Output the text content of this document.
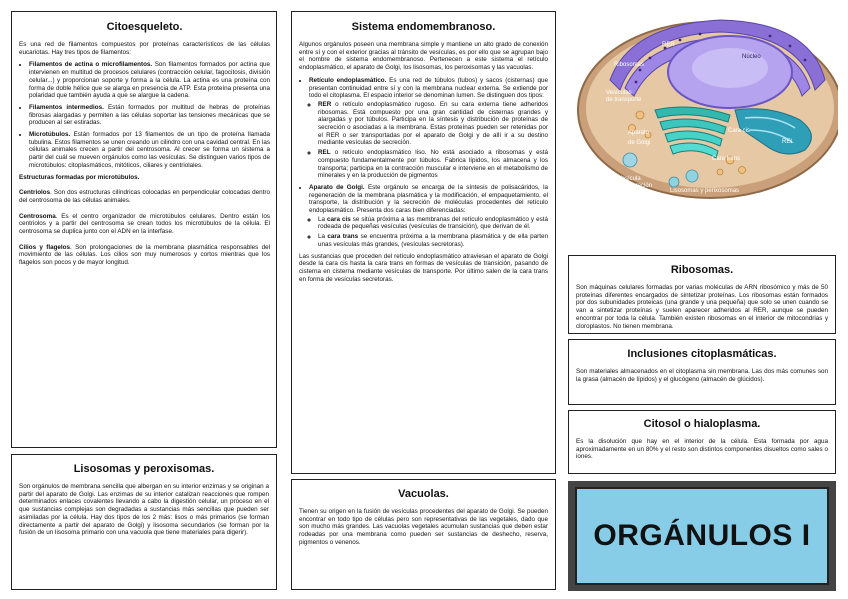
Citoesqueleto.

Es una red de filamentos compuestos por proteínas característicos de las células eucariotas. Hay tres tipos de filamentos:

• Filamentos de actina o microfilamentos. Son filamentos formados por actina que intervienen en multitud de procesos celulares (contracción celular, fagocitosis, división celular...) y proporcionan soporte y forma a la célula. La actina es una proteína con forma de doble hélice que se alarga en presencia de ATP. Esta proteína presenta una polaridad que también ayuda a que se alargue la cadena.
• Filamentos intermedios. Están formados por multitud de hebras de proteínas fibrosas alargadas y permiten a las células soportar las tensiones mecánicas que se producen al ser estiradas.
• Microtúbulos. Están formados por 13 filamentos de un tipo de proteína llamada tubulina. Estos filamentos se unen creando un cilindro con una cavidad central. En las células animales crecen a partir del centrosoma. Al crecer se forma un sistema a partir del cuál se mueven orgánulos como las vesículas. Se distinguen varios tipos de microtúbulos: citoplasmáticos, mitóticos, ciliares y centriolales.

Estructuras formadas por microtúbulos.

Centriolos. Son dos estructuras cilíndricas colocadas en perpendicular colocadas dentro del centrosoma de las células animales.

Centrosoma. Es el centro organizador de microtúbulos celulares. Dentro están los centriolos y a partir del centrosoma se crean todos los microtúbulos de la célula. El centrosoma se duplica junto con el ADN en la interfase.

Cilios y flagelos. Son prolongaciones de la membrana plasmática responsables del movimiento de las células. Los cilios son muy numerosos y cortos mientras que los flagelos son pocos y de mayor longitud.

Lisosomas y peroxisomas.

Son orgánulos de membrana sencilla que albergan en su interior enzimas y se originan a partir del aparato de Golgi. Las enzimas de su interior catalizan reacciones que rompen determinados enlaces covalentes llevando a cabo la digestión celular, un proceso en el que sustancias complejas son degradadas a sustancias más sencillas que pueden ser asimiladas por la célula. Hay dos tipos de los 2 más: lisos o más primarios (se forman directamente a partir del aparato de Golgi) y lisosoma secundarios (se forman por la fusión de un lisosoma primario con una vacuola que tiene materiales para digerir).

Sistema endomembranoso.

Algunos orgánulos poseen una membrana simple y mantiene un alto grado de conexión entre sí y con el exterior gracias al tránsito de vesículas, es por ello que se agrupan bajo el nombre de sistema endomembranoso. Pertenecen a este sistema el retículo endoplasmático, el aparato de Golgi, los lisosomas, los peroxisomas y las vacuolas.

• Retículo endoplasmático. Es una red de túbulos (tubos) y sacos (cisternas) que presentan continuidad entre sí y con la membrana nuclear externa. Se extiende por todo el citoplasma. El espacio interior se denominan lumen. Se distinguen dos tipos:
◦ RER o retículo endoplasmático rugoso. En su cara externa tiene adheridos ribosomas. Está compuesto por una gran cantidad de cisternas grandes y alargadas y por túbulos. Participa en la síntesis y distribución de proteínas de secreción o asociadas a la membrana. Estas proteínas pueden ser retenidas por el RER o ser transportadas por el aparato de Golgi y de allí ir a su destino mediante vesículas de secreción.
◦ REL o retículo endoplasmático liso. No está asociado a ribosomas y está compuesto fundamentalmente por túbulos. Fabrica lípidos, los almacena y los transporta; participa en la contracción muscular e interviene en el metabolismo de minerales y en la producción de pigmentos
• Aparato de Golgi. Este orgánulo se encarga de la síntesis de polisacáridos, la regeneración de la membrana plasmática y la modificación, el empaquetamiento, el transporte, la distribución y la secreción de moléculas procedentes del retículo endoplasmático. Presenta dos caras bien diferenciadas:
◦ La cara cis se sitúa próxima a las membranas del retículo endoplasmático y está rodeada de pequeñas vesículas (vesículas de transición), que derivan de él.
◦ La cara trans se encuentra próxima a la membrana plasmática y de ella parten unas vesículas más grandes, (vesículas secretoras).

Las sustancias que proceden del retículo endoplasmático atraviesan el aparato de Golgi desde la cara cis hasta la cara trans en formas de vesículas de transición, pasando de cisterna en cisterna mediante vesículas de transporte. Por último salen de la cara trans en forma de vesículas secretoras.

Vacuolas.

Tienen su origen en la fusión de vesículas procedentes del aparato de Golgi. Se pueden encontrar en todo tipo de células pero son representativas de las vegetales, dado que son mucho más grandes. Las vacuolas vegetales acumulan sustancias que deben estar rodeadas por una membrana como pueden ser sustancias de deshecho, reserva, pigmentos o venenos.

RER
Núcleo
Ribosomas
Vesículas de transporte
REL
Aparato de Golgi
Cara cis
Cara trans
Vesícula de secreción
Lisosomas y perixosomas
Ribosomas.

Son máquinas celulares formadas por varias moléculas de ARN ribosómico y más de 50 proteínas diferentes encargados de sintetizar proteínas. Los ribosomas están formados por dos subunidades proteicas (una grande y una pequeña) que solo se unen cuando se van a sintetizar proteínas y suelen aparecer adheridos al RER, aunque se pueden encontrar por toda la célula. También existen ribosomas en el interior de mitocondrias y cloroplastos. No tienen membrana.

Inclusiones citoplasmáticas.

Son materiales almacenados en el citoplasma sin membrana. Las dos más comunes son la grasa (almacén de lípidos) y el glucógeno (almacén de glúcidos).

Citosol o hialoplasma.

Es la disolución que hay en el interior de la célula. Esta formada por agua aproximadamente en un 80% y el resto son distintos componentes disueltos como sales o iones.

ORGÁNULOS I
